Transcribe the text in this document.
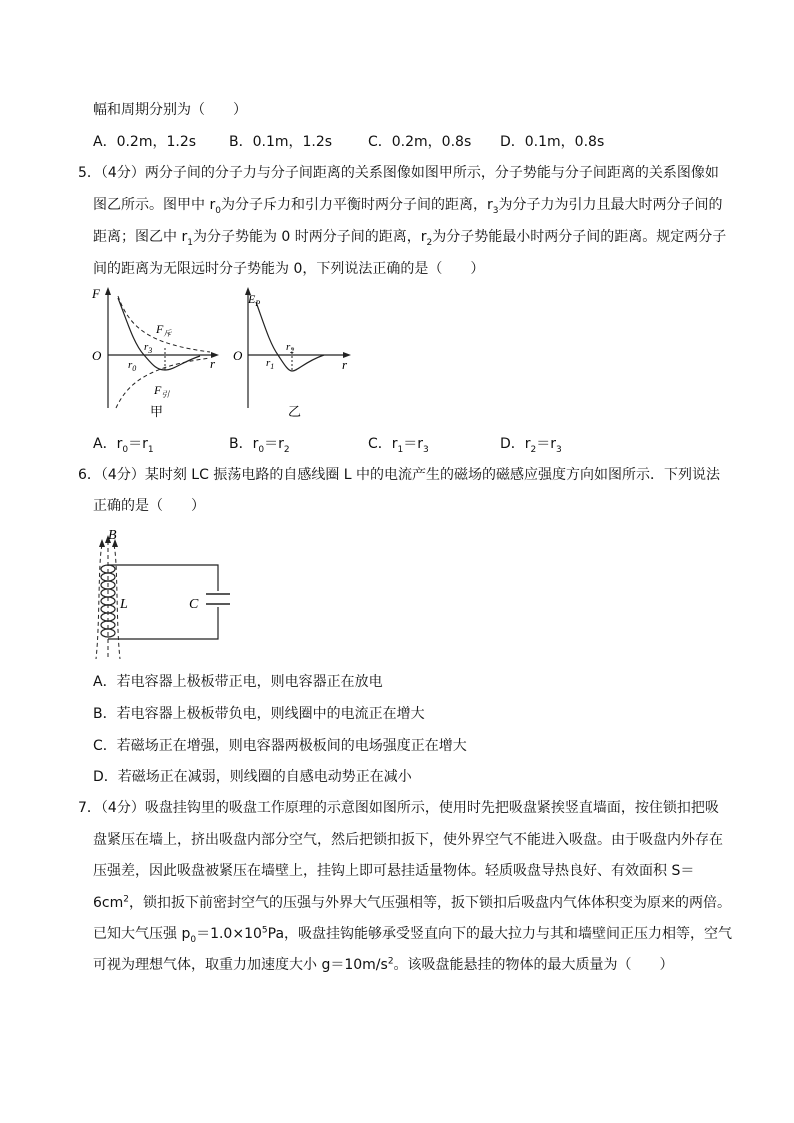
幅和周期分别为（　　）
A．0.2m，1.2s B．0.1m，1.2s	C．0.2m，0.8s D．0.1m，0.8s
5．（4分）两分子间的分子力与分子间距离的关系图像如图甲所示，分子势能与分子间距离的关系图像如
图乙所示。图甲中 $r_0$为分子斥力和引力平衡时两分子间的距离，$r_3$为分子力为引力且最大时两分子间的
距离；图乙中 $r_1$为分子势能为 0 时两分子间的距离，$r_2$为分子势能最小时两分子间的距离。规定两分子
间的距离为无限远时分子势能为 0，下列说法正确的是（　　）
F
O
r
$F_斥$
$F_引$
$r_3$
$r_0$
甲
$E_P$
O
r
$r_2$
$r_1$
乙
A．$r_0=r_1$	B．$r_0=r_2$	C．$r_1=r_3$	D．$r_2=r_3$
6．（4分）某时刻 LC 振荡电路的自感线圈 L 中的电流产生的磁场的磁感应强度方向如图所示．下列说法
正确的是（　　）
B
L	C
A．若电容器上极板带正电，则电容器正在放电
B．若电容器上极板带负电，则线圈中的电流正在增大
C．若磁场正在增强，则电容器两极板间的电场强度正在增大
D．若磁场正在减弱，则线圈的自感电动势正在减小
7．（4分）吸盘挂钩里的吸盘工作原理的示意图如图所示，使用时先把吸盘紧挨竖直墙面，按住锁扣把吸
盘紧压在墙上，挤出吸盘内部分空气，然后把锁扣扳下，使外界空气不能进入吸盘。由于吸盘内外存在
压强差，因此吸盘被紧压在墙壁上，挂钩上即可悬挂适量物体。轻质吸盘导热良好、有效面积 S＝
$6cm^2$，锁扣扳下前密封空气的压强与外界大气压强相等，扳下锁扣后吸盘内气体体积变为原来的两倍。
已知大气压强 $p_0=1.0\times 10^5Pa$，吸盘挂钩能够承受竖直向下的最大拉力与其和墙壁间正压力相等，空气
可视为理想气体，取重力加速度大小 $g=10m/s^2$。该吸盘能悬挂的物体的最大质量为（　　）
